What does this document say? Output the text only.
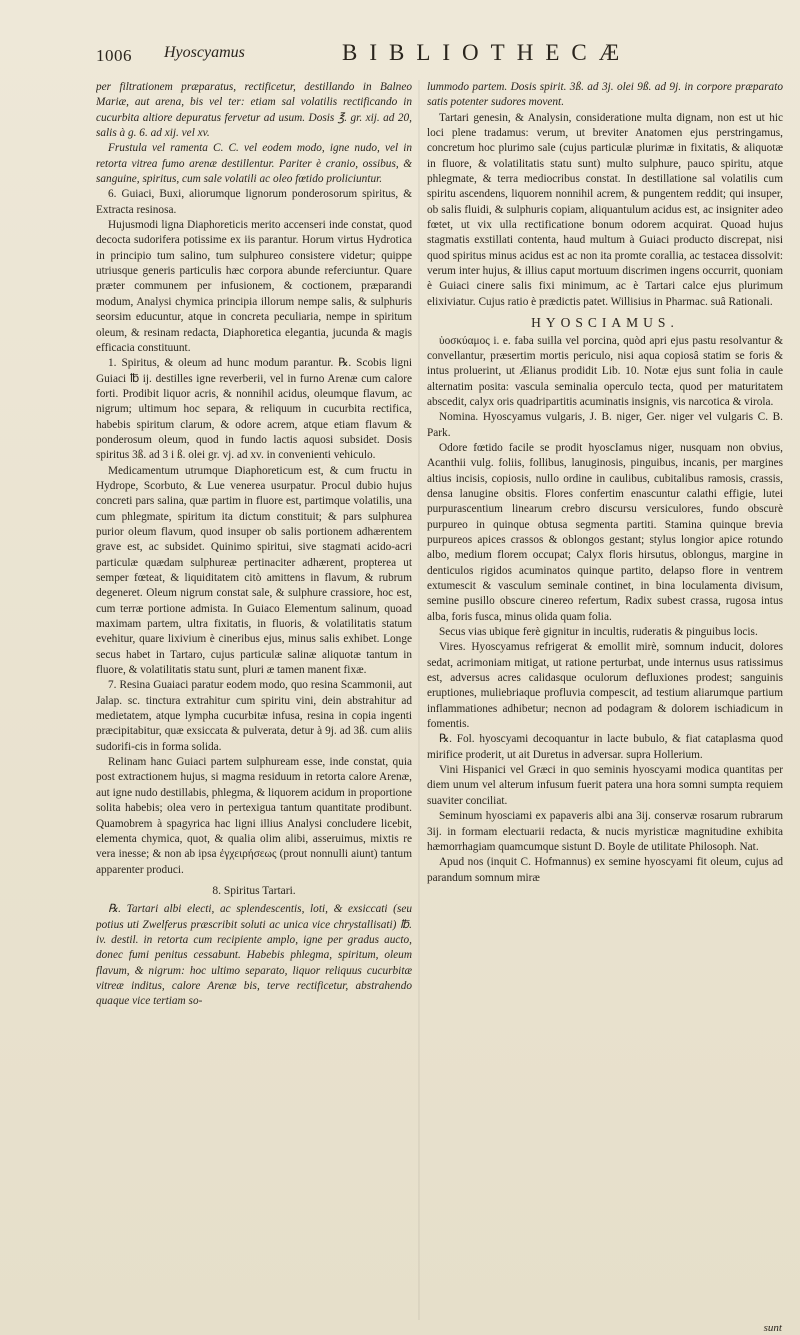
1006 Hyoscyamus	BIBLIOTHECÆ

per filtrationem præparatus, rectificetur, destillando in Balneo Mariæ, aut arena, bis vel ter: etiam sal volatilis rectificando in cucurbita altiore depuratus fervetur ad usum. Dosis ℥. gr. xij. ad 20, salis à g. 6. ad xij. vel xv.

Frustula vel ramenta C. C. vel eodem modo, igne nudo, vel in retorta vitrea fumo arenæ destillentur. Pariter è cranio, ossibus, & sanguine, spiritus, cum sale volatili ac oleo fœtido proliciuntur.

6. Guiaci, Buxi, aliorumque lignorum ponderosorum spiritus, & Extracta resinosa.

Hujusmodi ligna Diaphoreticis merito accenseri inde constat, quod decocta sudorifera potissime ex iis parantur. Horum virtus Hydrotica in principio tum salino, tum sulphureo consistere videtur; quippe utriusque generis particulis hæc corpora abunde referciuntur. Quare præter communem per infusionem, & coctionem, præparandi modum, Analysi chymica principia illorum nempe salis, & sulphuris seorsim educuntur, atque in concreta peculiaria, nempe in spiritum oleum, & resinam redacta, Diaphoretica elegantia, jucunda & magis efficacia constituunt.

1. Spiritus, & oleum ad hunc modum parantur. ℞. Scobis ligni Guiaci ℔ ij. destilles igne reverberii, vel in furno Arenæ cum calore forti. Prodibit liquor acris, & nonnihil acidus, oleumque flavum, ac nigrum; ultimum hoc separa, & reliquum in cucurbita rectifica, habebis spiritum clarum, & odore acrem, atque etiam flavum & ponderosum oleum, quod in fundo lactis aquosi subsidet. Dosis spiritus 3ß. ad 3 i ß. olei gr. vj. ad xv. in convenienti vehiculo.

Medicamentum utrumque Diaphoreticum est, & cum fructu in Hydrope, Scorbuto, & Lue venerea usurpatur. Procul dubio hujus concreti pars salina, quæ partim in fluore est, partimque volatilis, una cum phlegmate, spiritum ita dictum constituit; & pars sulphurea purior oleum flavum, quod insuper ob salis portionem adhærentem grave est, ac subsidet. Quinimo spiritui, sive stagmati acido-acri particulæ quædam sulphureæ pertinaciter adhærent, propterea ut semper fœteat, & liquiditatem citò amittens in flavum, & rubrum degeneret. Oleum nigrum constat sale, & sulphure crassiore, hoc est, cum terræ portione admista. In Guiaco Elementum salinum, quoad maximam partem, ultra fixitatis, in fluoris, & volatilitatis statum evehitur, quare lixivium è cineribus ejus, minus salis exhibet. Longe secus habet in Tartaro, cujus particulæ salinæ aliquotæ tantum in fluore, & volatilitatis statu sunt, pluri æ tamen manent fixæ.

7. Resina Guaiaci paratur eodem modo, quo resina Scammonii, aut Jalap. sc. tinctura extrahitur cum spiritu vini, dein abstrahitur ad medietatem, atque lympha cucurbitæ infusa, resina in copia ingenti præcipitabitur, quæ exsiccata & pulverata, detur à 9j. ad 3ß. cum aliis sudorifi-cis in forma solida.

Relinam hanc Guiaci partem sulphuream esse, inde constat, quia post extractionem hujus, si magma residuum in retorta calore Arenæ, aut igne nudo destillabis, phlegma, & liquorem acidum in proportione solita habebis; olea vero in pertexigua tantum quantitate prodibunt. Quamobrem à spagyrica hac ligni illius Analysi concludere licebit, elementa chymica, quot, & qualia olim alibi, asseruimus, mixtis re vera inesse; & non ab ipsa ἐγχειρήσεως (prout nonnulli aiunt) tantum apparenter produci.

8. Spiritus Tartari.

℞. Tartari albi electi, ac splendescentis, loti, & exsiccati (seu potius uti Zwelferus præscribit soluti ac unica vice chrystallisati) ℔. iv. destil. in retorta cum recipiente amplo, igne per gradus aucto, donec fumi penitus cessabunt. Habebis phlegma, spiritum, oleum flavum, & nigrum: hoc ultimo separato, liquor reliquus cucurbitæ vitreæ inditus, calore Arenæ bis, terve rectificetur, abstrahendo quaque vice tertiam so-

lummodo partem. Dosis spirit. 3ß. ad 3j. olei 9ß. ad 9j. in corpore præparato satis potenter sudores movent.

Tartari genesin, & Analysin, consideratione multa dignam, non est ut hic loci plene tradamus: verum, ut breviter Anatomen ejus perstringamus, concretum hoc plurimo sale (cujus particulæ plurimæ in fixitatis, & aliquotæ in fluore, & volatilitatis statu sunt) multo sulphure, pauco spiritu, atque phlegmate, & terra mediocribus constat. In destillatione sal volatilis cum spiritu ascendens, liquorem nonnihil acrem, & pungentem reddit; qui insuper, ob salis fluidi, & sulphuris copiam, aliquantulum acidus est, ac insigniter adeo fœtet, ut vix ulla rectificatione bonum odorem acquirat. Quoad hujus stagmatis exstillati contenta, haud multum à Guiaci producto discrepat, nisi quod spiritus minus acidus est ac non ita promte corallia, ac testacea dissolvit: verum inter hujus, & illius caput mortuum discrimen ingens occurrit, quoniam è Guiaci cinere salis fixi minimum, ac è Tartari calce ejus plurimum elixiviatur. Cujus ratio è prædictis patet. Willisius in Pharmac. suâ Rationali.

HYOSCIAMUS.

ὑοσκύαμος i. e. faba suilla vel porcina, quòd apri ejus pastu resolvantur & convellantur, præsertim mortis periculo, nisi aqua copiosâ statim se foris & intus proluerint, ut Ælianus prodidit Lib. 10. Notæ ejus sunt folia in caule alternatim posita: vascula seminalia operculo tecta, quod per maturitatem abscedit, calyx oris quadripartitis acuminatis insignis, vis narcotica & virola.

Nomina. Hyoscyamus vulgaris, J. B. niger, Ger. niger vel vulgaris C. B. Park.

Odore fœtido facile se prodit hyoscIamus niger, nusquam non obvius, Acanthii vulg. foliis, follibus, lanuginosis, pinguibus, incanis, per margines altius incisis, copiosis, nullo ordine in caulibus, cubitalibus ramosis, crassis, densa lanugine obsitis. Flores confertim enascuntur calathi effigie, lutei purpurascentium linearum crebro discursu versiculores, fundo obscurè purpureo in quinque obtusa segmenta partiti. Stamina quinque brevia purpureos apices crassos & oblongos gestant; stylus longior apice rotundo albo, medium florem occupat; Calyx floris hirsutus, oblongus, margine in denticulos rigidos acuminatos quinque partito, delapso flore in ventrem extumescit & vasculum seminale continet, in bina loculamenta divisum, semine pusillo obscure cinereo refertum, Radix subest crassa, rugosa intus alba, foris fusca, minus olida quam folia.

Secus vias ubique ferè gignitur in incultis, ruderatis & pinguibus locis.

Vires. Hyoscyamus refrigerat & emollit mirè, somnum inducit, dolores sedat, acrimoniam mitigat, ut ratione perturbat, unde internus usus ratissimus est, adversus acres calidasque oculorum defluxiones prodest; sanguinis eruptiones, muliebriaque profluvia compescit, ad testium aliarumque partium inflammationes adhibetur; necnon ad podagram & dolorem ischiadicum in fomentis.

℞. Fol. hyoscyami decoquantur in lacte bubulo, & fiat cataplasma quod mirifice proderit, ut ait Duretus in adversar. supra Hollerium.

Vini Hispanici vel Græci in quo seminis hyoscyami modica quantitas per diem unum vel alterum infusum fuerit patera una hora somni sumpta requiem suaviter conciliat.

Seminum hyosciami ex papaveris albi ana 3ij. conservæ rosarum rubrarum 3ij. in formam electuarii redacta, & nucis myristicæ magnitudine exhibita hæmorrhagiam quamcumque sistunt D. Boyle de utilitate Philosoph. Nat.

Apud nos (inquit C. Hofmannus) ex semine hyoscyami fit oleum, cujus ad parandum somnum miræ

sunt
